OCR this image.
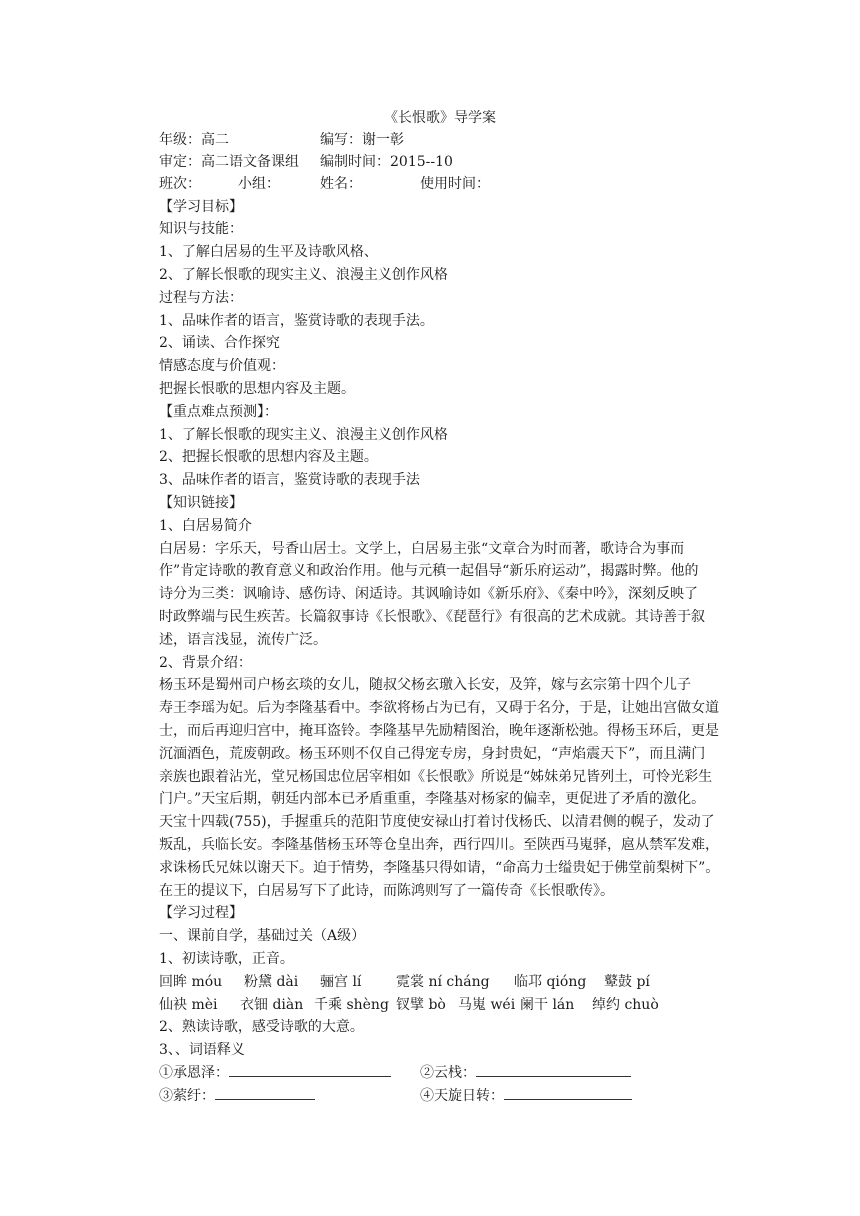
《长恨歌》导学案
年级：高二	编写：谢一彰
审定：高二语文备课组 编制时间：2015--10
班次：	小组：	姓名：	使用时间：
【学习目标】
知识与技能：
1、了解白居易的生平及诗歌风格、
2、了解长恨歌的现实主义、浪漫主义创作风格
过程与方法：
1、品味作者的语言，鉴赏诗歌的表现手法。
2、诵读、合作探究
情感态度与价值观：
把握长恨歌的思想内容及主题。
【重点难点预测】：
1、了解长恨歌的现实主义、浪漫主义创作风格
2、把握长恨歌的思想内容及主题。
3、品味作者的语言，鉴赏诗歌的表现手法
【知识链接】
1、白居易简介
白居易：字乐天，号香山居士。文学上，白居易主张“文章合为时而著，歌诗合为事而
作”肯定诗歌的教育意义和政治作用。他与元稹一起倡导“新乐府运动”，揭露时弊。他的
诗分为三类：讽喻诗、感伤诗、闲适诗。其讽喻诗如《新乐府》、《秦中吟》，深刻反映了
时政弊端与民生疾苦。长篇叙事诗《长恨歌》、《琵琶行》有很高的艺术成就。其诗善于叙
述，语言浅显，流传广泛。
2、背景介绍：
杨玉环是蜀州司户杨玄琰的女儿，随叔父杨玄璬入长安，及笄，嫁与玄宗第十四个儿子
寿王李瑶为妃。后为李隆基看中。李欲将杨占为已有，又碍于名分，于是，让她出宫做女道
士，而后再迎归宫中，掩耳盗铃。李隆基早先励精图治，晚年逐渐松弛。得杨玉环后，更是
沉湎酒色，荒废朝政。杨玉环则不仅自己得宠专房，身封贵妃，“声焰震天下”，而且满门
亲族也跟着沾光，堂兄杨国忠位居宰相如《长恨歌》所说是“姊妹弟兄皆列土，可怜光彩生
门户。”天宝后期，朝廷内部本已矛盾重重，李隆基对杨家的偏幸，更促进了矛盾的激化。
天宝十四载(755)，手握重兵的范阳节度使安禄山打着讨伐杨氏、以清君侧的幌子，发动了
叛乱，兵临长安。李隆基偕杨玉环等仓皇出奔，西行四川。至陕西马嵬驿，扈从禁军发难，
求诛杨氏兄妹以谢天下。迫于情势，李隆基只得如请，“命高力士缢贵妃于佛堂前梨树下”。
在王的提议下，白居易写下了此诗，而陈鸿则写了一篇传奇《长恨歌传》。
【学习过程】
一、课前自学，基础过关（A级）
1、初读诗歌，正音。
回眸 móu 粉黛 dài 骊宫 lí 霓裳 ní cháng 临邛 qióng 鼙鼓 pí
仙袂 mèi 衣钿 diàn 千乘 shèng 钗擘 bò 马嵬 wéi 阑干 lán 绰约 chuò
2、熟读诗歌，感受诗歌的大意。
3、、词语释义
①承恩泽：	②云栈：
③萦纡：	④天旋日转：
